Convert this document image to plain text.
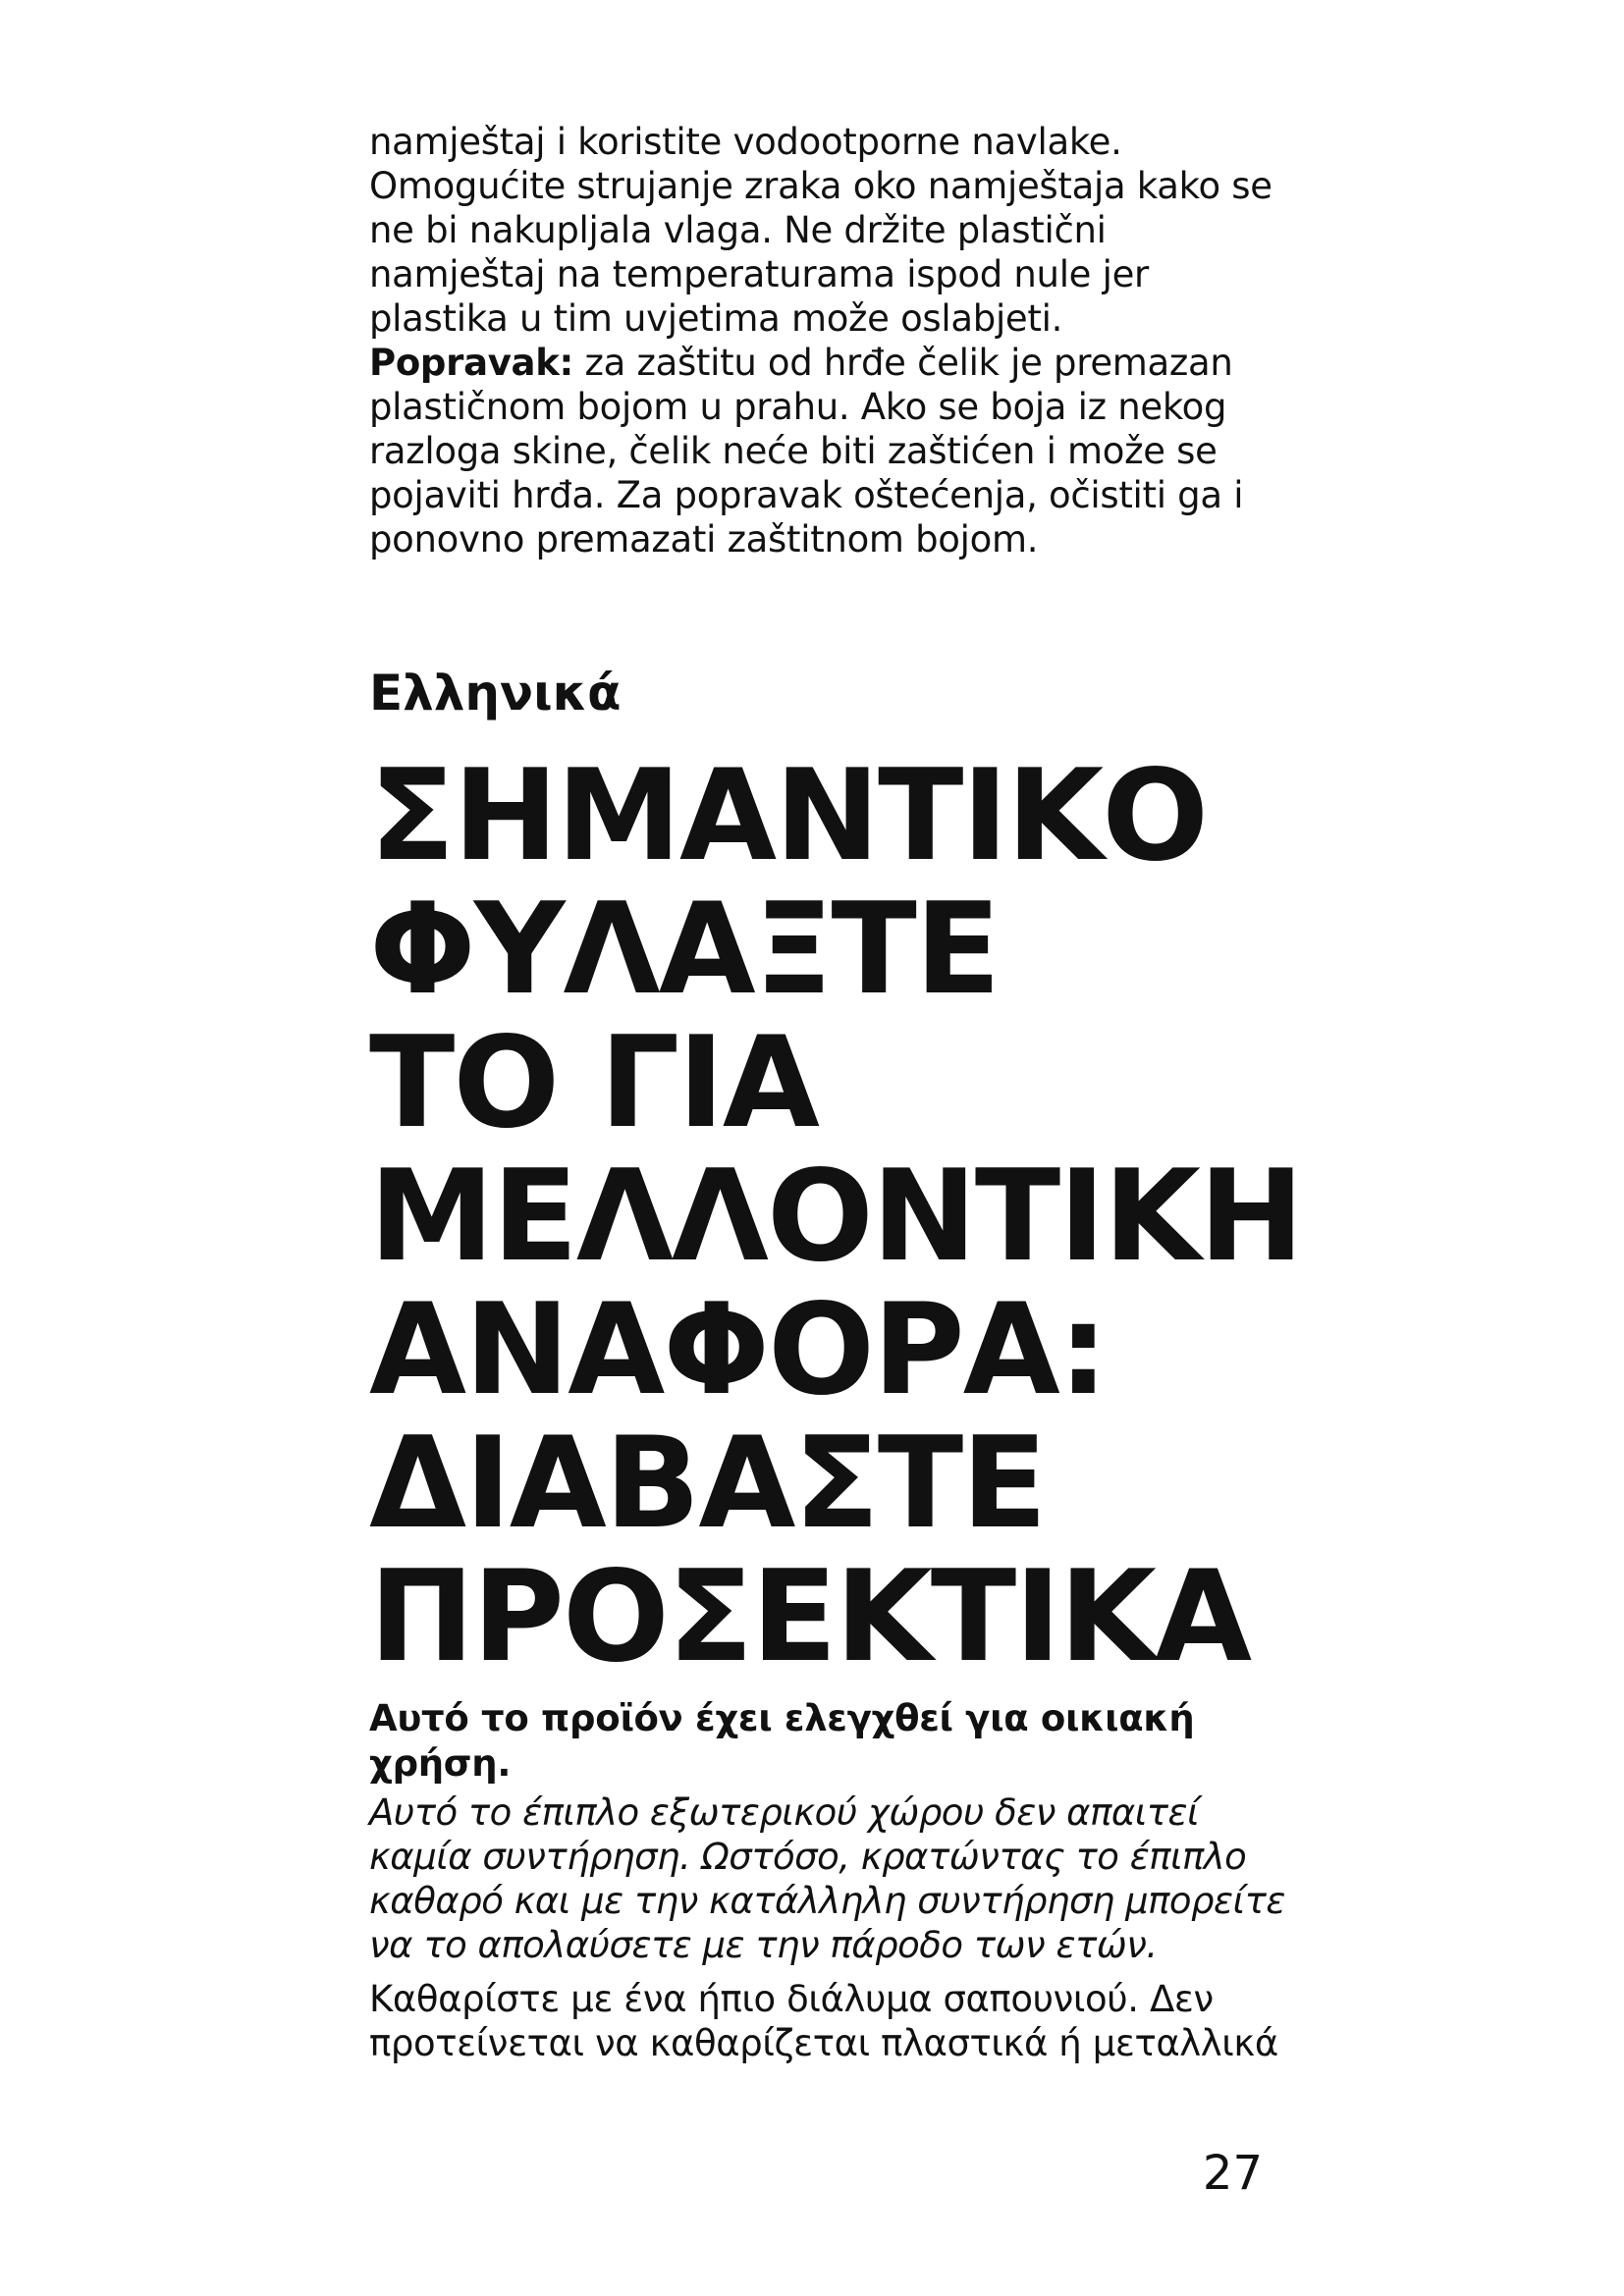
namještaj i koristite vodootporne navlake. Omogućite strujanje zraka oko namještaja kako se ne bi nakupljala vlaga. Ne držite plastični namještaj na temperaturama ispod nule jer plastika u tim uvjetima može oslabjeti.

Popravak: za zaštitu od hrđe čelik je premazan plastičnom bojom u prahu. Ako se boja iz nekog razloga skine, čelik neće biti zaštićen i može se pojaviti hrđa. Za popravak oštećenja, očistiti ga i ponovno premazati zaštitnom bojom.

Ελληνικά
ΣΗΜΑΝΤΙΚΟ
ΦΥΛΑΞΤΕ
ΤΟ ΓΙΑ
ΜΕΛΛΟΝΤΙΚΗ
ΑΝΑΦΟΡΑ:
ΔΙΑΒΑΣΤΕ
ΠΡΟΣΕΚΤΙΚΑ

Αυτό το προϊόν έχει ελεγχθεί για οικιακή χρήση.

Αυτό το έπιπλο εξωτερικού χώρου δεν απαιτεί καμία συντήρηση. Ωστόσο, κρατώντας το έπιπλο καθαρό και με την κατάλληλη συντήρηση μπορείτε να το απολαύσετε με την πάροδο των ετών.

Καθαρίστε με ένα ήπιο διάλυμα σαπουνιού. Δεν προτείνεται να καθαρίζεται πλαστικά ή μεταλλικά

27
